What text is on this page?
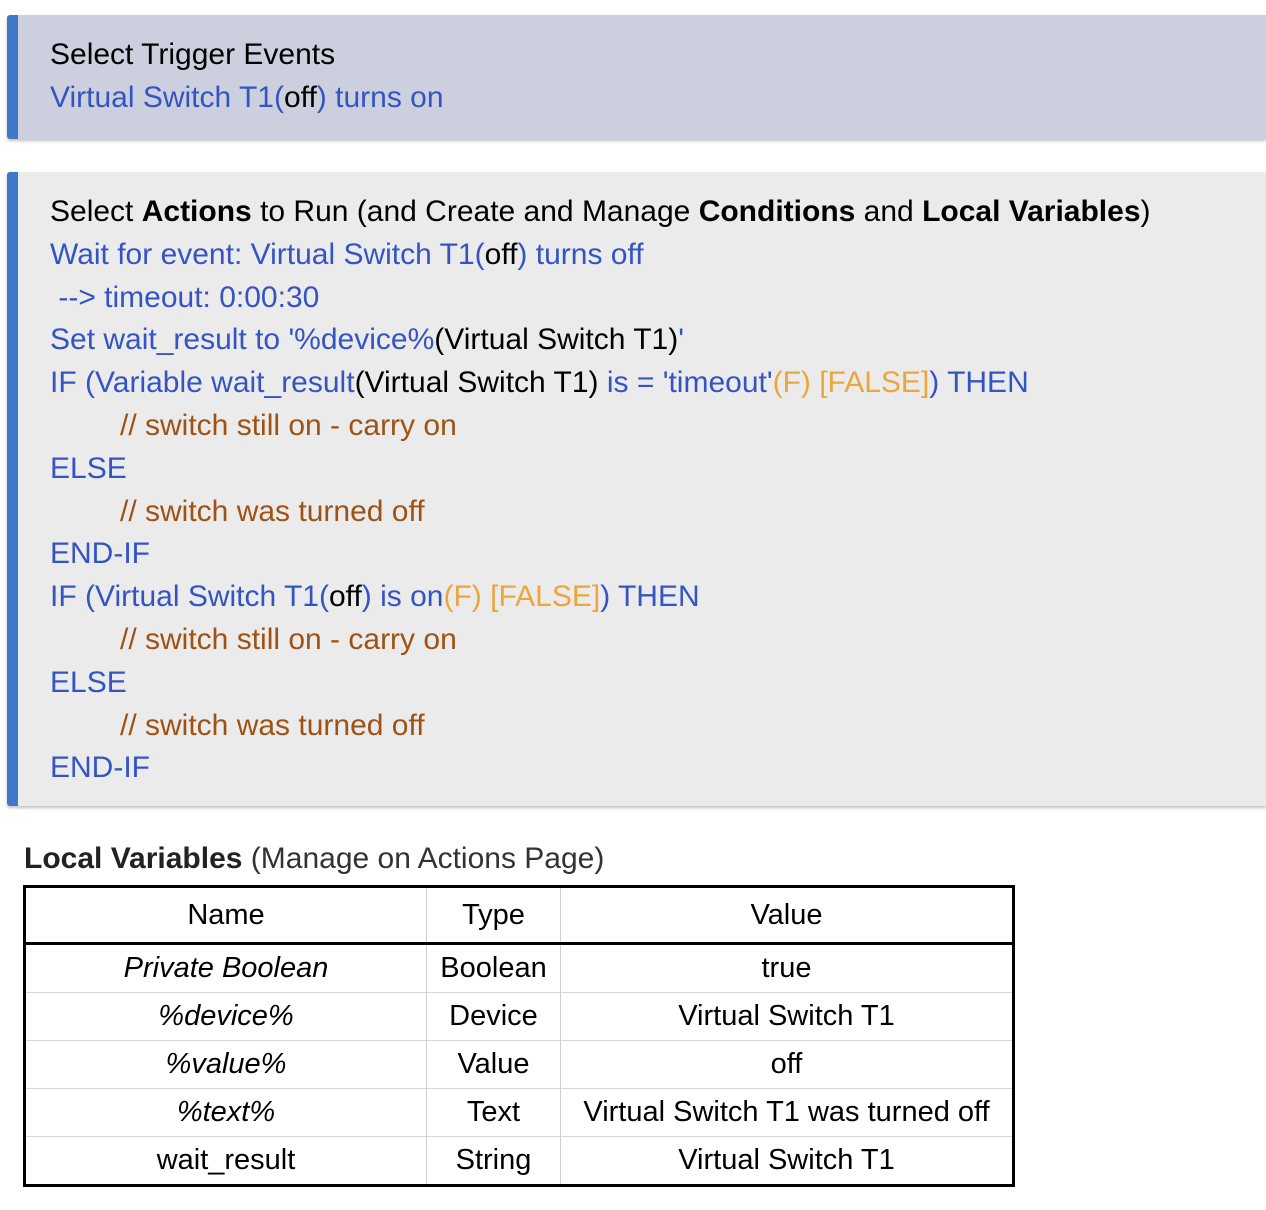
Select Trigger Events
Virtual Switch T1(off) turns on
Select Actions to Run (and Create and Manage Conditions and Local Variables)
Wait for event: Virtual Switch T1(off) turns off
--> timeout: 0:00:30
Set wait_result to '%device%(Virtual Switch T1)'
IF (Variable wait_result(Virtual Switch T1) is = 'timeout'(F) [FALSE]) THEN
// switch still on - carry on
ELSE
// switch was turned off
END-IF
IF (Virtual Switch T1(off) is on(F) [FALSE]) THEN
// switch still on - carry on
ELSE
// switch was turned off
END-IF
Local Variables (Manage on Actions Page)
Name	Type	Value
Private Boolean	Boolean	true
%device%	Device	Virtual Switch T1
%value%	Value	off
%text%	Text	Virtual Switch T1 was turned off
wait_result	String	Virtual Switch T1
